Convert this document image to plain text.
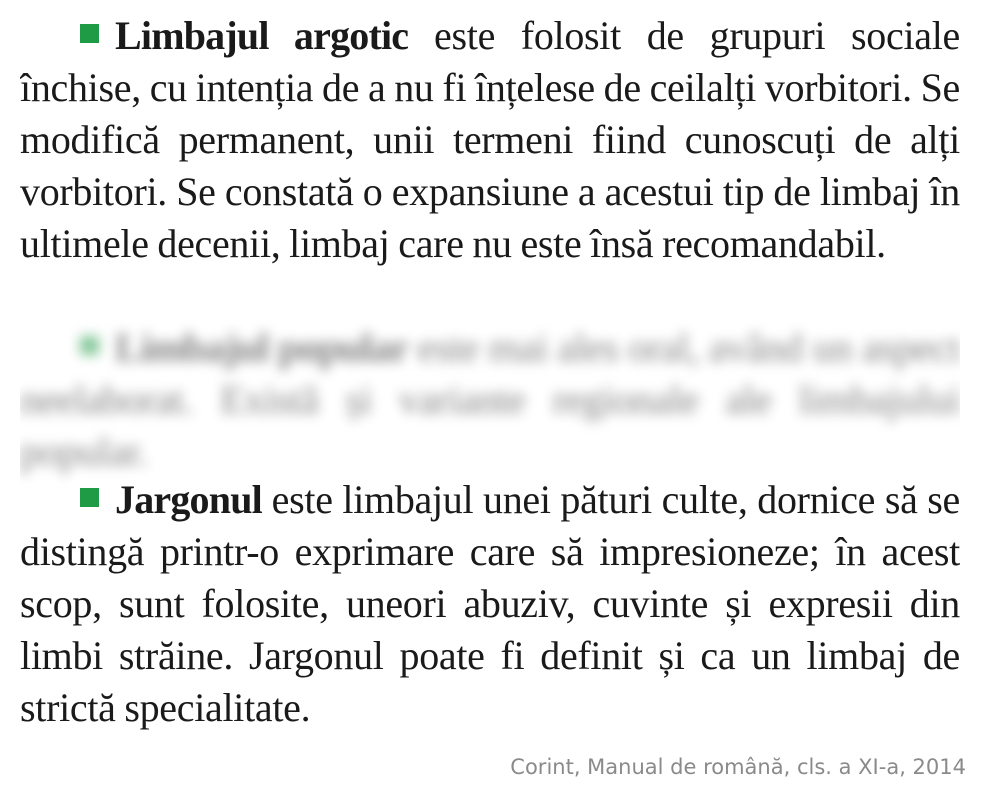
Limbajul argotic este folosit de grupuri sociale închise, cu intenția de a nu fi înțelese de ceilalți vorbitori. Se modifică permanent, unii termeni fiind cunoscuți de alți vorbitori. Se constată o expansiune a acestui tip de limbaj în ultimele decenii, limbaj care nu este însă recomandabil.
Limbajul popular este mai ales oral, având un aspect neelaborat. Există și variante regionale ale limbajului popular.
Jargonul este limbajul unei pături culte, dornice să se distingă printr-o exprimare care să impresioneze; în acest scop, sunt folosite, uneori abuziv, cuvinte și expresii din limbi străine. Jargonul poate fi definit și ca un limbaj de strictă specialitate.
Corint, Manual de română, cls. a XI-a, 2014
